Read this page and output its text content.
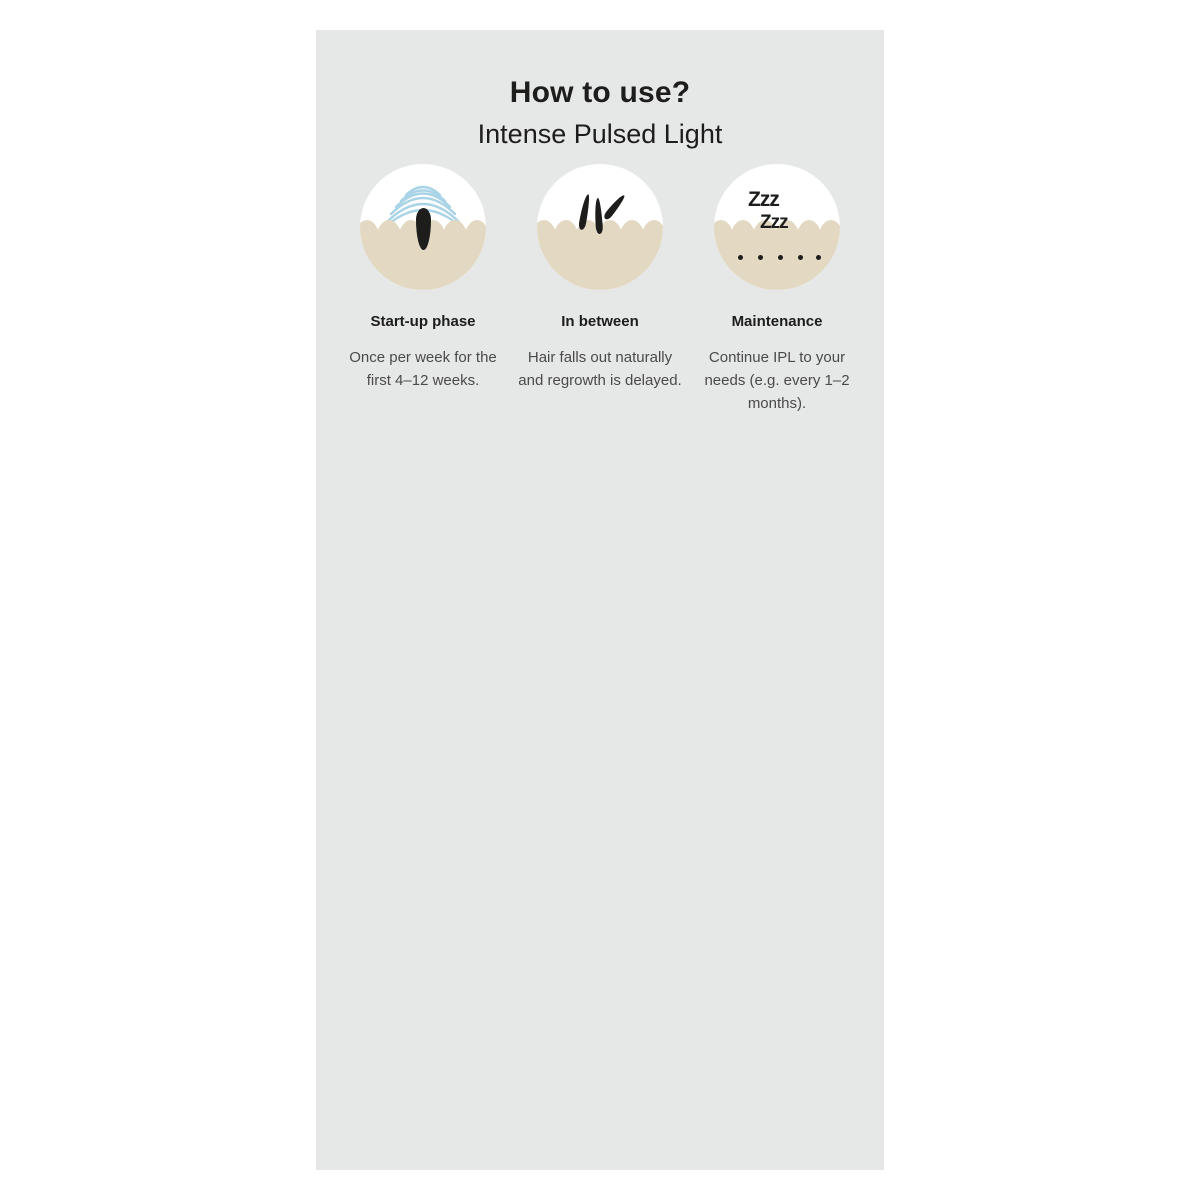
How to use?
Intense Pulsed Light
Start-up phase
Once per week for the first 4–12 weeks.
In between
Hair falls out naturally and regrowth is delayed.
Zzz
Zzz
Maintenance
Continue IPL to your needs (e.g. every 1–2 months).
